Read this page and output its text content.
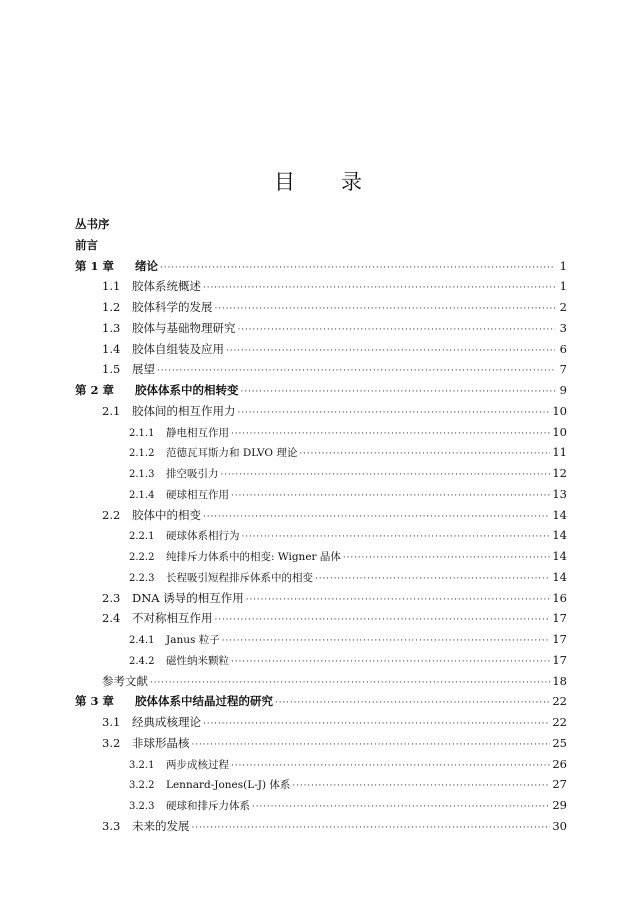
目 录
丛书序
前言
第 1 章	绪论 · · ·	1
1.1	胶体系统概述 · · ·	1
1.2	胶体科学的发展 · · ·	2
1.3	胶体与基础物理研究 · · ·	3
1.4	胶体自组装及应用 · · ·	6
1.5	展望 · · ·	7
第 2 章	胶体体系中的相转变 · · ·	9
2.1	胶体间的相互作用力 · · ·	10
2.1.1	静电相互作用 · · ·	10
2.1.2	范德瓦耳斯力和 DLVO 理论 · · ·	11
2.1.3	排空吸引力 · · ·	12
2.1.4	硬球相互作用 · · ·	13
2.2	胶体中的相变 · · ·	14
2.2.1	硬球体系相行为 · · ·	14
2.2.2	纯排斥力体系中的相变: Wigner 晶体 · · ·	14
2.2.3	长程吸引短程排斥体系中的相变 · · ·	14
2.3	DNA 诱导的相互作用 · · ·	16
2.4	不对称相互作用 · · ·	17
2.4.1	Janus 粒子 · · ·	17
2.4.2	磁性纳米颗粒 · · ·	17
参考文献 · · ·	18
第 3 章	胶体体系中结晶过程的研究 · · ·	22
3.1	经典成核理论 · · ·	22
3.2	非球形晶核 · · ·	25
3.2.1	两步成核过程 · · ·	26
3.2.2	Lennard-Jones(L-J) 体系 · · ·	27
3.2.3	硬球和排斥力体系 · · ·	29
3.3	未来的发展 · · ·	30
